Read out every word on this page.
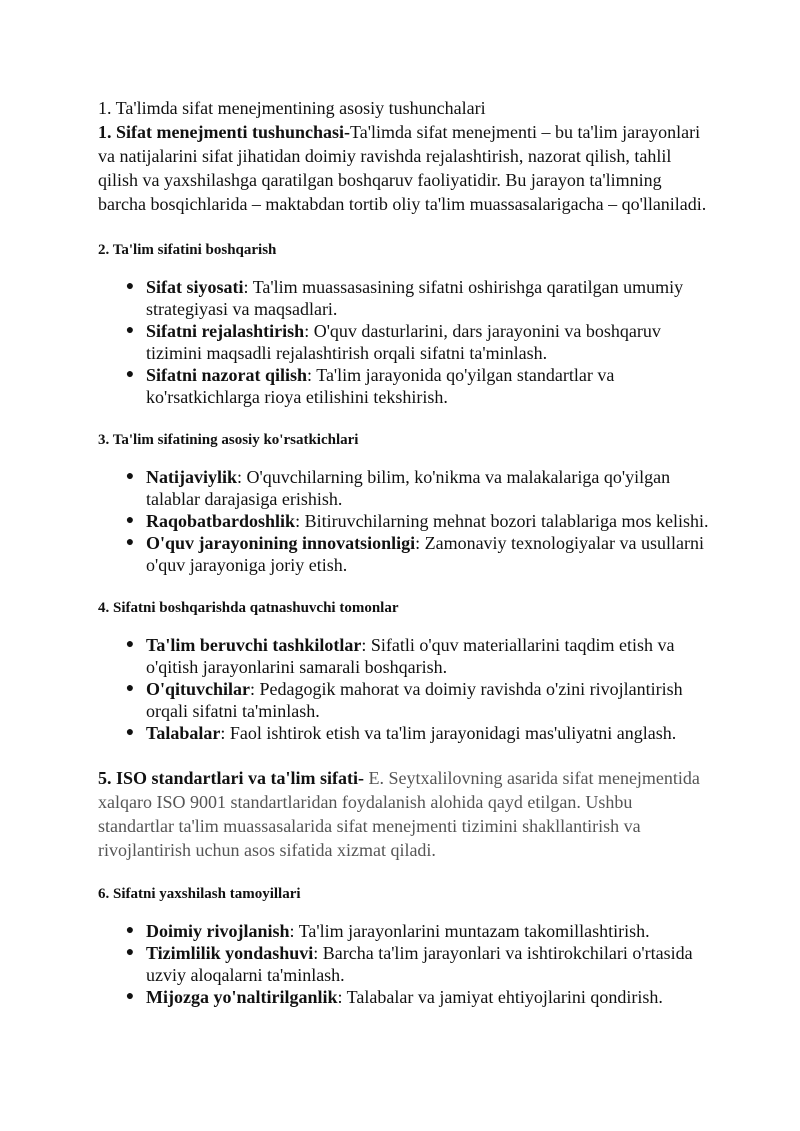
1. Ta'limda sifat menejmentining asosiy tushunchalari

1. Sifat menejmenti tushunchasi-Ta'limda sifat menejmenti – bu ta'lim jarayonlari va natijalarini sifat jihatidan doimiy ravishda rejalashtirish, nazorat qilish, tahlil qilish va yaxshilashga qaratilgan boshqaruv faoliyatidir. Bu jarayon ta'limning barcha bosqichlarida – maktabdan tortib oliy ta'lim muassasalarigacha – qo'llaniladi.

2. Ta'lim sifatini boshqarish
● Sifat siyosati: Ta'lim muassasasining sifatni oshirishga qaratilgan umumiy strategiyasi va maqsadlari.
● Sifatni rejalashtirish: O'quv dasturlarini, dars jarayonini va boshqaruv tizimini maqsadli rejalashtirish orqali sifatni ta'minlash.
● Sifatni nazorat qilish: Ta'lim jarayonida qo'yilgan standartlar va ko'rsatkichlarga rioya etilishini tekshirish.
3. Ta'lim sifatining asosiy ko'rsatkichlari
● Natijaviylik: O'quvchilarning bilim, ko'nikma va malakalariga qo'yilgan talablar darajasiga erishish.
● Raqobatbardoshlik: Bitiruvchilarning mehnat bozori talablariga mos kelishi.
● O'quv jarayonining innovatsionligi: Zamonaviy texnologiyalar va usullarni o'quv jarayoniga joriy etish.
4. Sifatni boshqarishda qatnashuvchi tomonlar
● Ta'lim beruvchi tashkilotlar: Sifatli o'quv materiallarini taqdim etish va o'qitish jarayonlarini samarali boshqarish.
● O'qituvchilar: Pedagogik mahorat va doimiy ravishda o'zini rivojlantirish orqali sifatni ta'minlash.
● Talabalar: Faol ishtirok etish va ta'lim jarayonidagi mas'uliyatni anglash.

5. ISO standartlari va ta'lim sifati- E. Seytxalilovning asarida sifat menejmentida xalqaro ISO 9001 standartlaridan foydalanish alohida qayd etilgan. Ushbu standartlar ta'lim muassasalarida sifat menejmenti tizimini shakllantirish va rivojlantirish uchun asos sifatida xizmat qiladi.

6. Sifatni yaxshilash tamoyillari
● Doimiy rivojlanish: Ta'lim jarayonlarini muntazam takomillashtirish.
● Tizimlilik yondashuvi: Barcha ta'lim jarayonlari va ishtirokchilari o'rtasida uzviy aloqalarni ta'minlash.
● Mijozga yo'naltirilganlik: Talabalar va jamiyat ehtiyojlarini qondirish.
